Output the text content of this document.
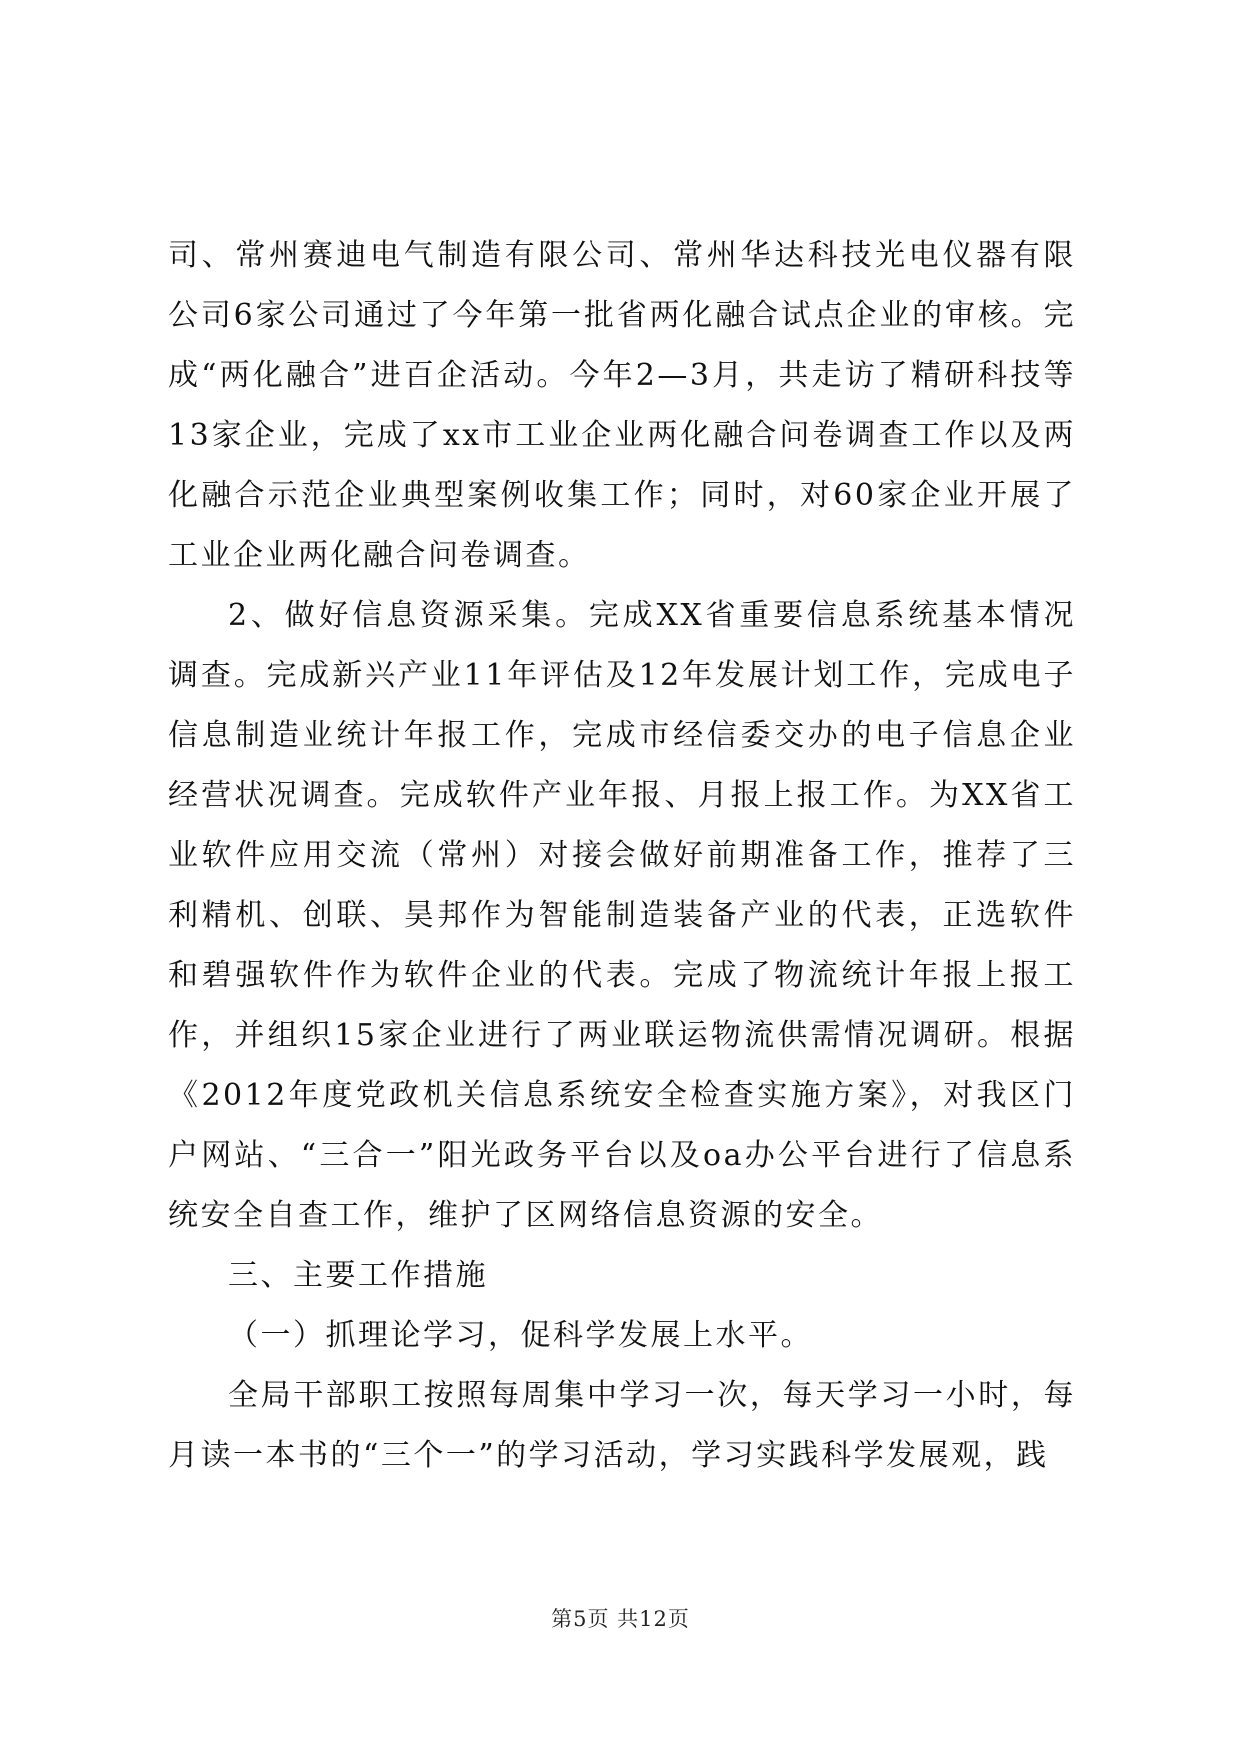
司、常州赛迪电气制造有限公司、常州华达科技光电仪器有限公司6家公司通过了今年第一批省两化融合试点企业的审核。完成“两化融合”进百企活动。今年2—3月，共走访了精研科技等13家企业，完成了xx市工业企业两化融合问卷调查工作以及两化融合示范企业典型案例收集工作；同时，对60家企业开展了工业企业两化融合问卷调查。

2、做好信息资源采集。完成XX省重要信息系统基本情况调查。完成新兴产业11年评估及12年发展计划工作，完成电子信息制造业统计年报工作，完成市经信委交办的电子信息企业经营状况调查。完成软件产业年报、月报上报工作。为XX省工业软件应用交流（常州）对接会做好前期准备工作，推荐了三利精机、创联、昊邦作为智能制造装备产业的代表，正选软件和碧强软件作为软件企业的代表。完成了物流统计年报上报工作，并组织15家企业进行了两业联运物流供需情况调研。根据《2012年度党政机关信息系统安全检查实施方案》，对我区门户网站、“三合一”阳光政务平台以及oa办公平台进行了信息系统安全自查工作，维护了区网络信息资源的安全。

三、主要工作措施

（一）抓理论学习，促科学发展上水平。

全局干部职工按照每周集中学习一次，每天学习一小时，每月读一本书的“三个一”的学习活动，学习实践科学发展观，践

第5页 共12页
